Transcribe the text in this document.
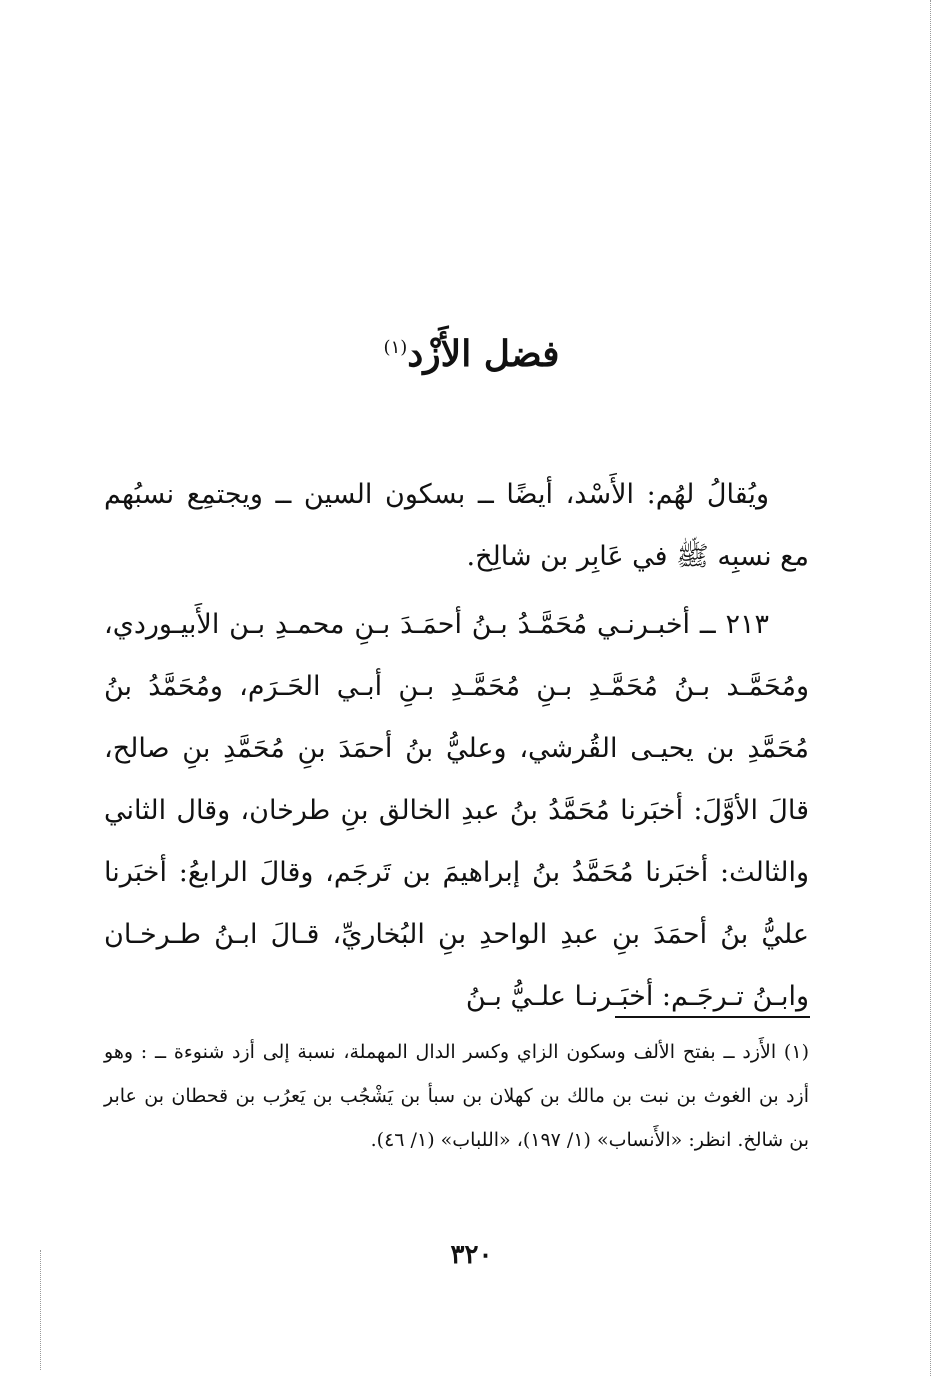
فضل الأَزْد$^{(١)}$

ويُقالُ لهُم: الأَسْد، أيضًا ــ بسكون السين ــ ويجتمِع نسبُهم مع نسبِه ﷺ في عَابِر بن شالِخ.

٢١٣ ــ أخبـرنـي مُحَمَّـدُ بـنُ أحمَـدَ بـنِ محمـدِ بـن الأَبيـوردي، ومُحَمَّـد بـنُ مُحَمَّـدِ بـنِ مُحَمَّـدِ بـنِ أبـي الحَـرَم، ومُحَمَّدُ بنُ مُحَمَّدِ بن يحيـى القُرشي، وعليُّ بنُ أحمَدَ بنِ مُحَمَّدِ بنِ صالح، قالَ الأوَّلَ: أخبَرنا مُحَمَّدُ بنُ عبدِ الخالق بنِ طرخان، وقال الثاني والثالث: أخبَرنا مُحَمَّدُ بنُ إبراهيمَ بن تَرجَم، وقالَ الرابعُ: أخبَرنا عليُّ بنُ أحمَدَ بنِ عبدِ الواحدِ بنِ البُخاريِّ، قـالَ ابـنُ طـرخـان وابـنُ تـرجَـم: أخبَـرنـا علـيُّ بـنُ

(١) الأَزد ــ بفتح الألف وسكون الزاي وكسر الدال المهملة، نسبة إلى أزد شنوءة ــ : وهو أزد بن الغوث بن نبت بن مالك بن كهلان بن سبأ بن يَشْجُب بن يَعرُب بن قحطان بن عابر بن شالخ. انظر: «الأَنساب» (١/ ١٩٧)، «اللباب» (١/ ٤٦).

٣٢٠
